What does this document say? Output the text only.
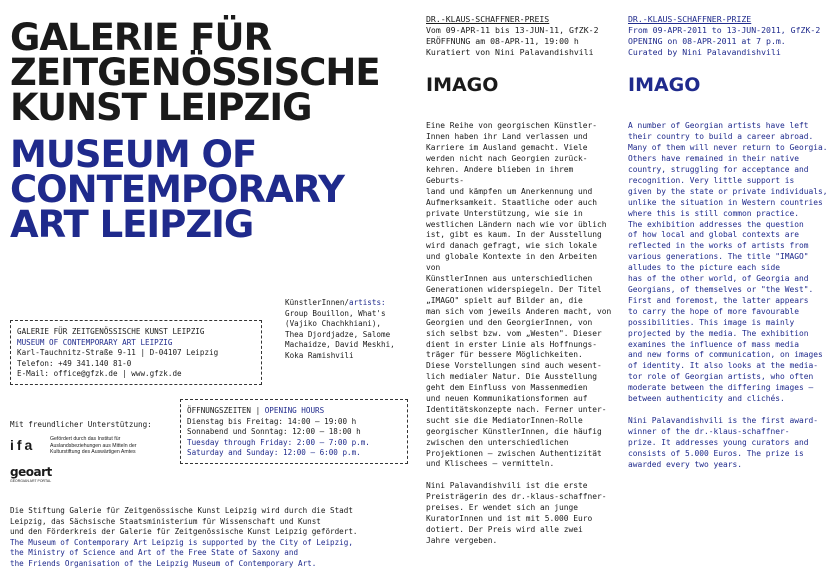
GALERIE FÜR
ZEITGENÖSSISCHE
KUNST LEIPZIG
MUSEUM OF
CONTEMPORARY
ART LEIPZIG
GALERIE FÜR ZEITGENÖSSISCHE KUNST LEIPZIG
MUSEUM OF CONTEMPORARY ART LEIPZIG
Karl-Tauchnitz-Straße 9-11 | D-04107 Leipzig
Telefon: +49 341.140 81-0
E-Mail: office@gfzk.de | www.gfzk.de
KünstlerInnen/artists:
Group Bouillon, What's
(Vajiko Chachkhiani),
Thea Djordjadze, Salome
Machaidze, David Meskhi,
Koka Ramishvili
Mit freundlicher Unterstützung:
ifa	Gefördert durch das Institut für
Auslandsbeziehungen aus Mitteln der
Kulturstiftung des Auswärtigen Amtes
geoart
GEORGIAN ART PORTAL
ÖFFNUNGSZEITEN | OPENING HOURS
Dienstag bis Freitag: 14:00 – 19:00 h
Sonnabend und Sonntag: 12:00 – 18:00 h
Tuesday through Friday: 2:00 – 7:00 p.m.
Saturday and Sunday: 12:00 – 6:00 p.m.
Die Stiftung Galerie für Zeitgenössische Kunst Leipzig wird durch die Stadt
Leipzig, das Sächsische Staatsministerium für Wissenschaft und Kunst
und den Förderkreis der Galerie für Zeitgenössische Kunst Leipzig gefördert.
The Museum of Contemporary Art Leipzig is supported by the City of Leipzig,
the Ministry of Science and Art of the Free State of Saxony and
the Friends Organisation of the Leipzig Museum of Contemporary Art.
DR.-KLAUS-SCHAFFNER-PREIS
Vom 09-APR-11 bis 13-JUN-11, GfZK-2
ERÖFFNUNG am 08-APR-11, 19:00 h
Kuratiert von Nini Palavandishvili
IMAGO

Eine Reihe von georgischen Künstler-
Innen haben ihr Land verlassen und
Karriere im Ausland gemacht. Viele
werden nicht nach Georgien zurück-
kehren. Andere blieben in ihrem Geburts-
land und kämpfen um Anerkennung und
Aufmerksamkeit. Staatliche oder auch
private Unterstützung, wie sie in
westlichen Ländern nach wie vor üblich
ist, gibt es kaum. In der Ausstellung
wird danach gefragt, wie sich lokale
und globale Kontexte in den Arbeiten von
KünstlerInnen aus unterschiedlichen
Generationen widerspiegeln. Der Titel
„IMAGO" spielt auf Bilder an, die
man sich vom jeweils Anderen macht, von
Georgien und den GeorgierInnen, von
sich selbst bzw. vom „Westen". Dieser
dient in erster Linie als Hoffnungs-
träger für bessere Möglichkeiten.
Diese Vorstellungen sind auch wesent-
lich medialer Natur. Die Ausstellung
geht dem Einfluss von Massenmedien
und neuen Kommunikationsformen auf
Identitätskonzepte nach. Ferner unter-
sucht sie die MediatorInnen-Rolle
georgischer KünstlerInnen, die häufig
zwischen den unterschiedlichen
Projektionen – zwischen Authentizität
und Klischees – vermitteln.

Nini Palavandishvili ist die erste
Preisträgerin des dr.-klaus-schaffner-
preises. Er wendet sich an junge
KuratorInnen und ist mit 5.000 Euro
dotiert. Der Preis wird alle zwei
Jahre vergeben.

DR.-KLAUS-SCHAFFNER-PRIZE
From 09-APR-2011 to 13-JUN-2011, GfZK-2
OPENING on 08-APR-2011 at 7 p.m.
Curated by Nini Palavandishvili
IMAGO

A number of Georgian artists have left
their country to build a career abroad.
Many of them will never return to Georgia.
Others have remained in their native
country, struggling for acceptance and
recognition. Very little support is
given by the state or private individuals,
unlike the situation in Western countries
where this is still common practice.
The exhibition addresses the question
of how local and global contexts are
reflected in the works of artists from
various generations. The title "IMAGO"
alludes to the picture each side
has of the other world, of Georgia and
Georgians, of themselves or "the West".
First and foremost, the latter appears
to carry the hope of more favourable
possibilities. This image is mainly
projected by the media. The exhibition
examines the influence of mass media
and new forms of communication, on images
of identity. It also looks at the media-
tor role of Georgian artists, who often
moderate between the differing images –
between authenticity and clichés.

Nini Palavandishvili is the first award-
winner of the dr.-klaus-schaffner-
prize. It addresses young curators and
consists of 5.000 Euros. The prize is
awarded every two years.
